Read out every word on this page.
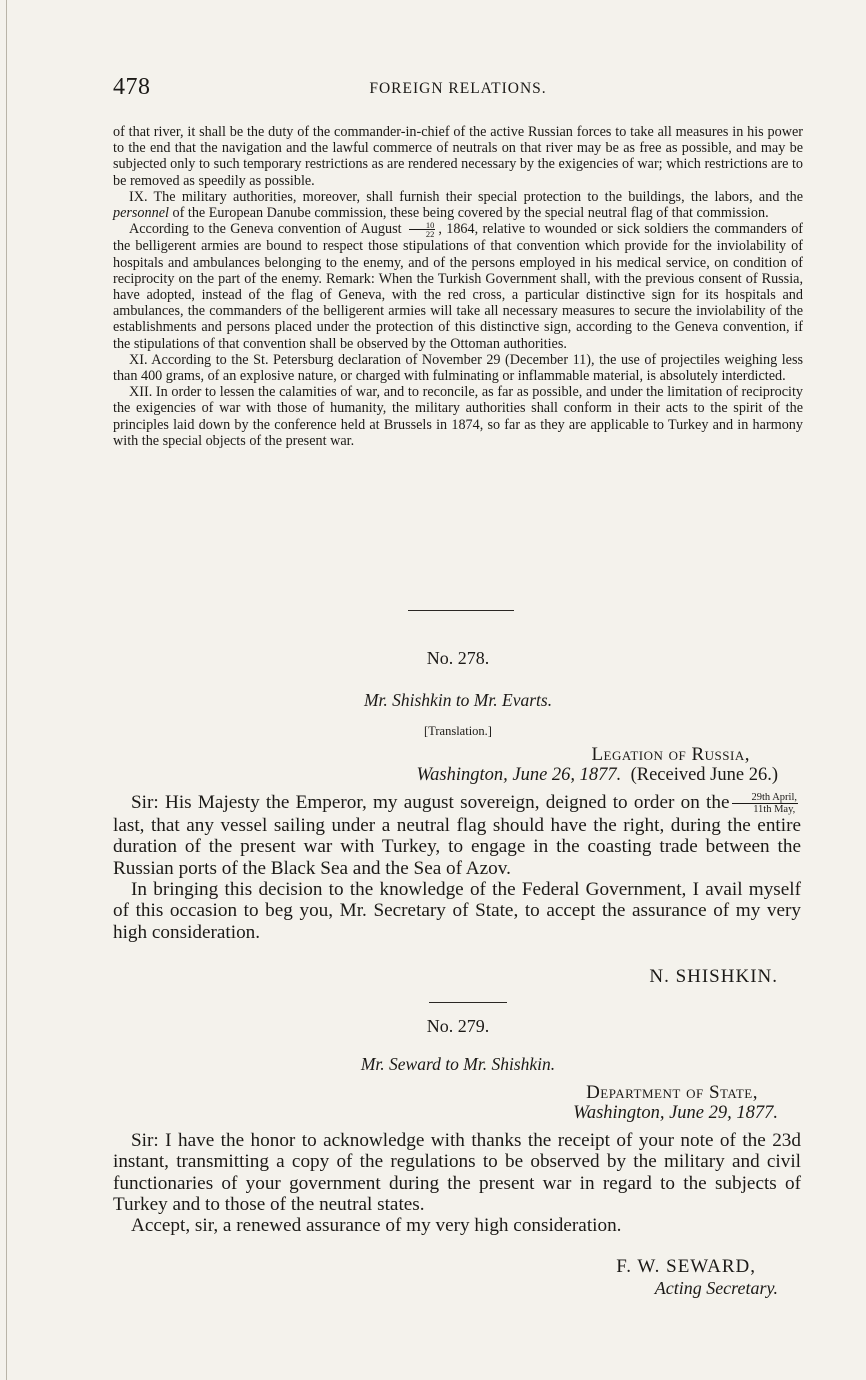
478	FOREIGN RELATIONS.

of that river, it shall be the duty of the commander-in-chief of the active Russian forces to take all measures in his power to the end that the navigation and the lawful commerce of neutrals on that river may be as free as possible, and may be subjected only to such temporary restrictions as are rendered necessary by the exigencies of war; which restrictions are to be removed as speedily as possible.

IX. The military authorities, moreover, shall furnish their special protection to the buildings, the labors, and the personnel of the European Danube commission, these being covered by the special neutral flag of that commission.

According to the Geneva convention of August $\frac{10}{22}$ , 1864, relative to wounded or sick soldiers the commanders of the belligerent armies are bound to respect those stipulations of that convention which provide for the inviolability of hospitals and ambulances belonging to the enemy, and of the persons employed in his medical service, on condition of reciprocity on the part of the enemy. Remark: When the Turkish Government shall, with the previous consent of Russia, have adopted, instead of the flag of Geneva, with the red cross, a particular distinctive sign for its hospitals and ambulances, the commanders of the belligerent armies will take all necessary measures to secure the inviolability of the establishments and persons placed under the protection of this distinctive sign, according to the Geneva convention, if the stipulations of that convention shall be observed by the Ottoman authorities.

XI. According to the St. Petersburg declaration of November 29 (December 11), the use of projectiles weighing less than 400 grams, of an explosive nature, or charged with fulminating or inflammable material, is absolutely interdicted.

XII. In order to lessen the calamities of war, and to reconcile, as far as possible, and under the limitation of reciprocity the exigencies of war with those of humanity, the military authorities shall conform in their acts to the spirit of the principles laid down by the conference held at Brussels in 1874, so far as they are applicable to Turkey and in harmony with the special objects of the present war.

No. 278.
Mr. Shishkin to Mr. Evarts.
[Translation.]
Legation of Russia,
Washington, June 26, 1877. (Received June 26.)

Sir: His Majesty the Emperor, my august sovereign, deigned to order on the $\frac{\text{29th April,}}{\text{11th May,}}$
last, that any vessel sailing under a neutral flag should have the right, during the entire duration of the present war with Turkey, to engage in the coasting trade between the Russian ports of the Black Sea and the Sea of Azov.

In bringing this decision to the knowledge of the Federal Government, I avail myself of this occasion to beg you, Mr. Secretary of State, to accept the assurance of my very high consideration.

N. SHISHKIN.
No. 279.
Mr. Seward to Mr. Shishkin.
Department of State,
Washington, June 29, 1877.

Sir: I have the honor to acknowledge with thanks the receipt of your note of the 23d instant, transmitting a copy of the regulations to be observed by the military and civil functionaries of your government during the present war in regard to the subjects of Turkey and to those of the neutral states.

Accept, sir, a renewed assurance of my very high consideration.

F. W. SEWARD,
Acting Secretary.
